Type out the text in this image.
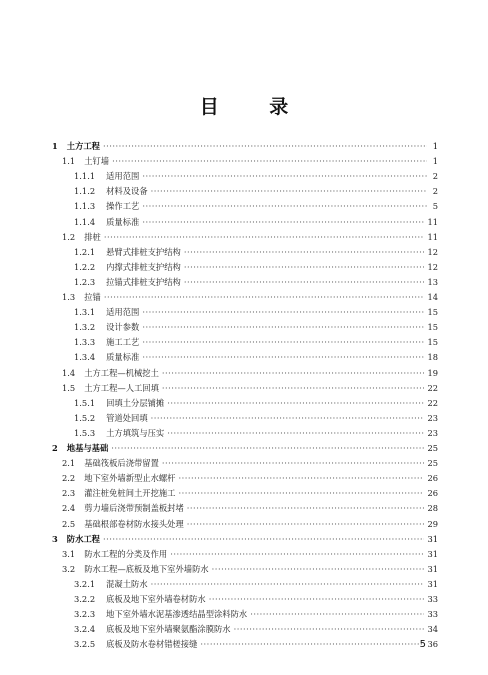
目 录
1 土方工程 ·····	1
1.1 土钉墙 ·····	1
1.1.1 适用范围 ·····	2
1.1.2 材料及设备 ·····	2
1.1.3 操作工艺 ·····	5
1.1.4 质量标准 ·····	11
1.2 排桩 ·····	11
1.2.1 悬臂式排桩支护结构 ·····	12
1.2.2 内撑式排桩支护结构 ·····	12
1.2.3 拉锚式排桩支护结构 ·····	13
1.3 拉锚 ·····	14
1.3.1 适用范围 ·····	15
1.3.2 设计参数 ·····	15
1.3.3 施工工艺 ·····	15
1.3.4 质量标准 ·····	18
1.4 土方工程—机械挖土 ·····	19
1.5 土方工程—人工回填 ·····	22
1.5.1 回填土分层铺摊 ·····	22
1.5.2 管道处回填 ·····	23
1.5.3 土方填筑与压实 ·····	23
2 地基与基础 ·····	25
2.1 基础筏板后浇带留置 ·····	25
2.2 地下室外墙新型止水螺杆 ·····	26
2.3 灌注桩免桩间土开挖施工 ·····	26
2.4 剪力墙后浇带预制盖板封堵 ·····	28
2.5 基础根部卷材防水接头处理 ·····	29
3 防水工程 ·····	31
3.1 防水工程的分类及作用 ·····	31
3.2 防水工程—底板及地下室外墙防水 ·····	31
3.2.1 混凝土防水 ·····	31
3.2.2 底板及地下室外墙卷材防水 ·····	33
3.2.3 地下室外墙水泥基渗透结晶型涂料防水 ·····	33
3.2.4 底板及地下室外墙聚氨酯涂膜防水 ·····	34
3.2.5 底板及防水卷材错槎接缝 ·····	36
5
